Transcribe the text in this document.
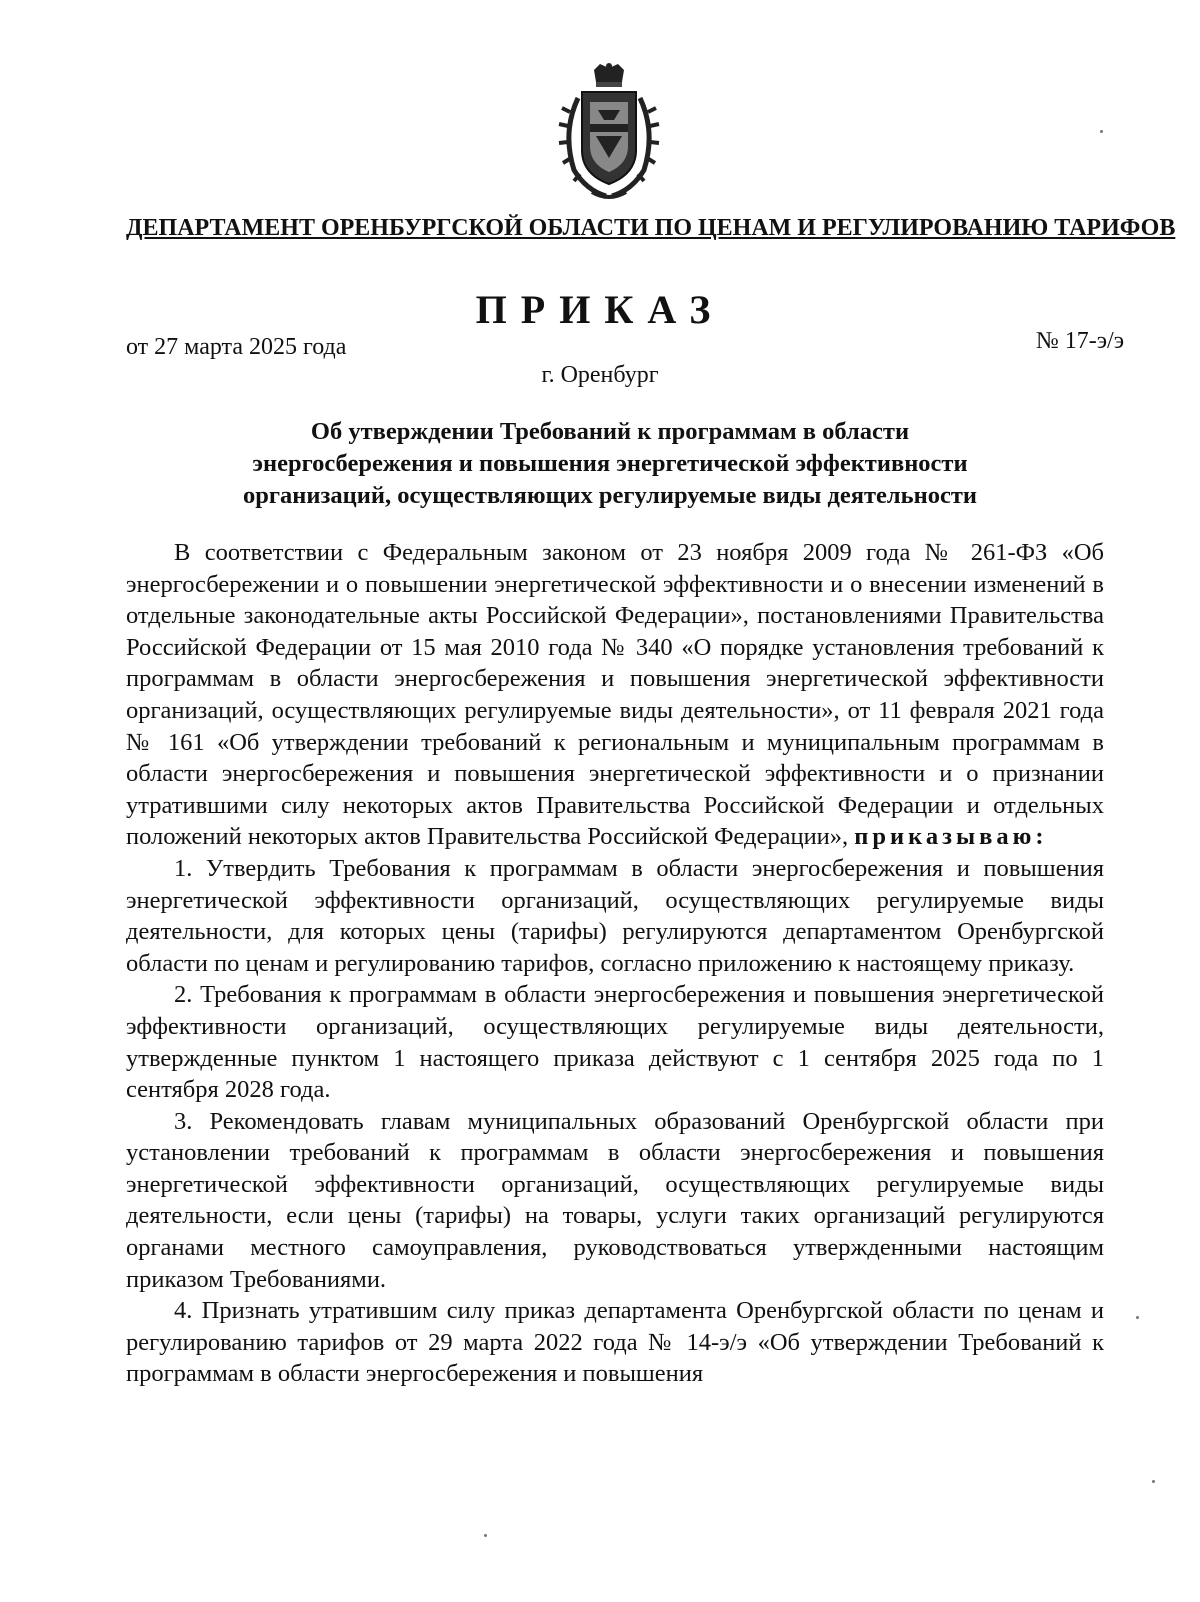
ДЕПАРТАМЕНТ ОРЕНБУРГСКОЙ ОБЛАСТИ ПО ЦЕНАМ И РЕГУЛИРОВАНИЮ ТАРИФОВ
ПРИКАЗ
от 27 марта 2025 года	№ 17-э/э
г. Оренбург
Об утверждении Требований к программам в области
энергосбережения и повышения энергетической эффективности
организаций, осуществляющих регулируемые виды деятельности

В соответствии с Федеральным законом от 23 ноября 2009 года № 261-ФЗ «Об энергосбережении и о повышении энергетической эффективности и о внесении изменений в отдельные законодательные акты Российской Федерации», постановлениями Правительства Российской Федерации от 15 мая 2010 года № 340 «О порядке установления требований к программам в области энергосбережения и повышения энергетической эффективности организаций, осуществляющих регулируемые виды деятельности», от 11 февраля 2021 года № 161 «Об утверждении требований к региональным и муниципальным программам в области энергосбережения и повышения энергетической эффективности и о признании утратившими силу некоторых актов Правительства Российской Федерации и отдельных положений некоторых актов Правительства Российской Федерации», приказываю:

1. Утвердить Требования к программам в области энергосбережения и повышения энергетической эффективности организаций, осуществляющих регулируемые виды деятельности, для которых цены (тарифы) регулируются департаментом Оренбургской области по ценам и регулированию тарифов, согласно приложению к настоящему приказу.

2. Требования к программам в области энергосбережения и повышения энергетической эффективности организаций, осуществляющих регулируемые виды деятельности, утвержденные пунктом 1 настоящего приказа действуют с 1 сентября 2025 года по 1 сентября 2028 года.

3. Рекомендовать главам муниципальных образований Оренбургской области при установлении требований к программам в области энергосбережения и повышения энергетической эффективности организаций, осуществляющих регулируемые виды деятельности, если цены (тарифы) на товары, услуги таких организаций регулируются органами местного самоуправления, руководствоваться утвержденными настоящим приказом Требованиями.

4. Признать утратившим силу приказ департамента Оренбургской области по ценам и регулированию тарифов от 29 марта 2022 года № 14-э/э «Об утверждении Требований к программам в области энергосбережения и повышения
